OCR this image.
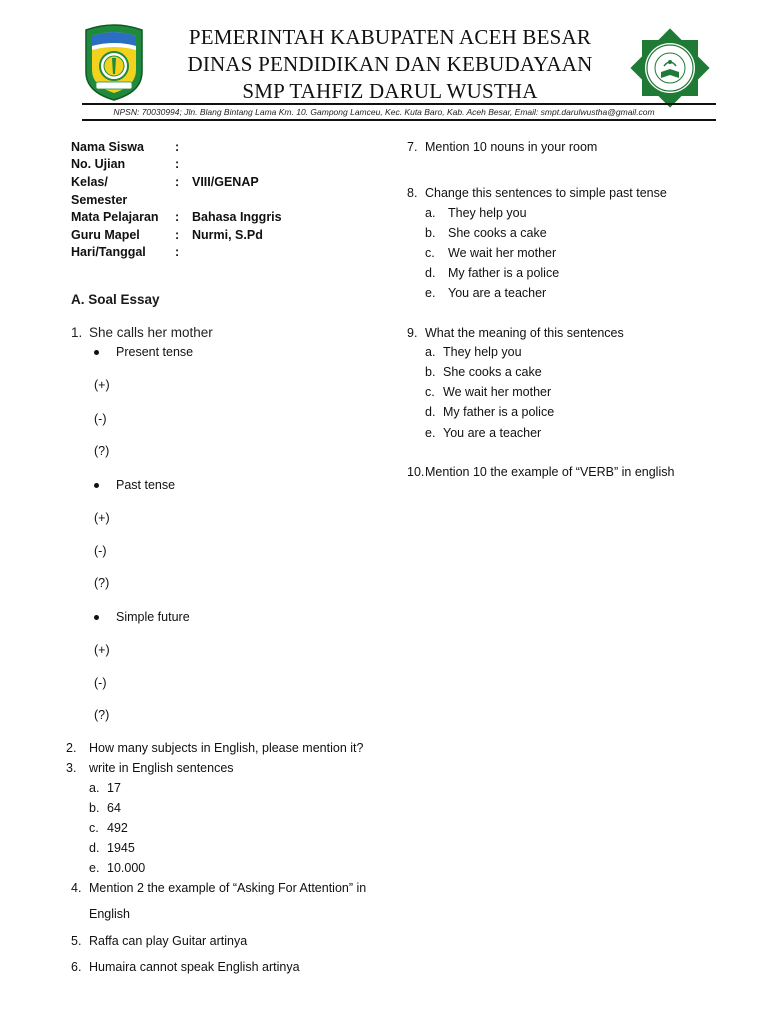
PEMERINTAH KABUPATEN ACEH BESAR
DINAS PENDIDIKAN DAN KEBUDAYAAN
SMP TAHFIZ DARUL WUSTHA
NPSN: 70030994; Jln. Blang Bintang Lama Km. 10. Gampong Lamceu, Kec. Kuta Baro, Kab. Aceh Besar, Email: smpt.darulwustha@gmail.com
Nama Siswa :
No. Ujian	:
Kelas/	: VIII/GENAP
Semester
Mata Pelajaran : Bahasa Inggris
Guru Mapel	: Nurmi, S.Pd
Hari/Tanggal :
A. Soal Essay
1. She calls her mother
Present tense
(+)
(-)
(?)
Past tense
(+)
(-)
(?)
Simple future
(+)
(-)
(?)
2. How many subjects in English, please mention it?
3. write in English sentences
a. 17
b. 64
c. 492
d. 1945
e. 10.000
4. Mention 2 the example of “Asking For Attention” in
English
5. Raffa can play Guitar artinya
6. Humaira cannot speak English artinya
7. Mention 10 nouns in your room
8. Change this sentences to simple past tense
a. They help you
b. She cooks a cake
c. We wait her mother
d. My father is a police
e. You are a teacher
9. What the meaning of this sentences
a. They help you
b. She cooks a cake
c. We wait her mother
d. My father is a police
e. You are a teacher
10. Mention 10 the example of “VERB” in english
